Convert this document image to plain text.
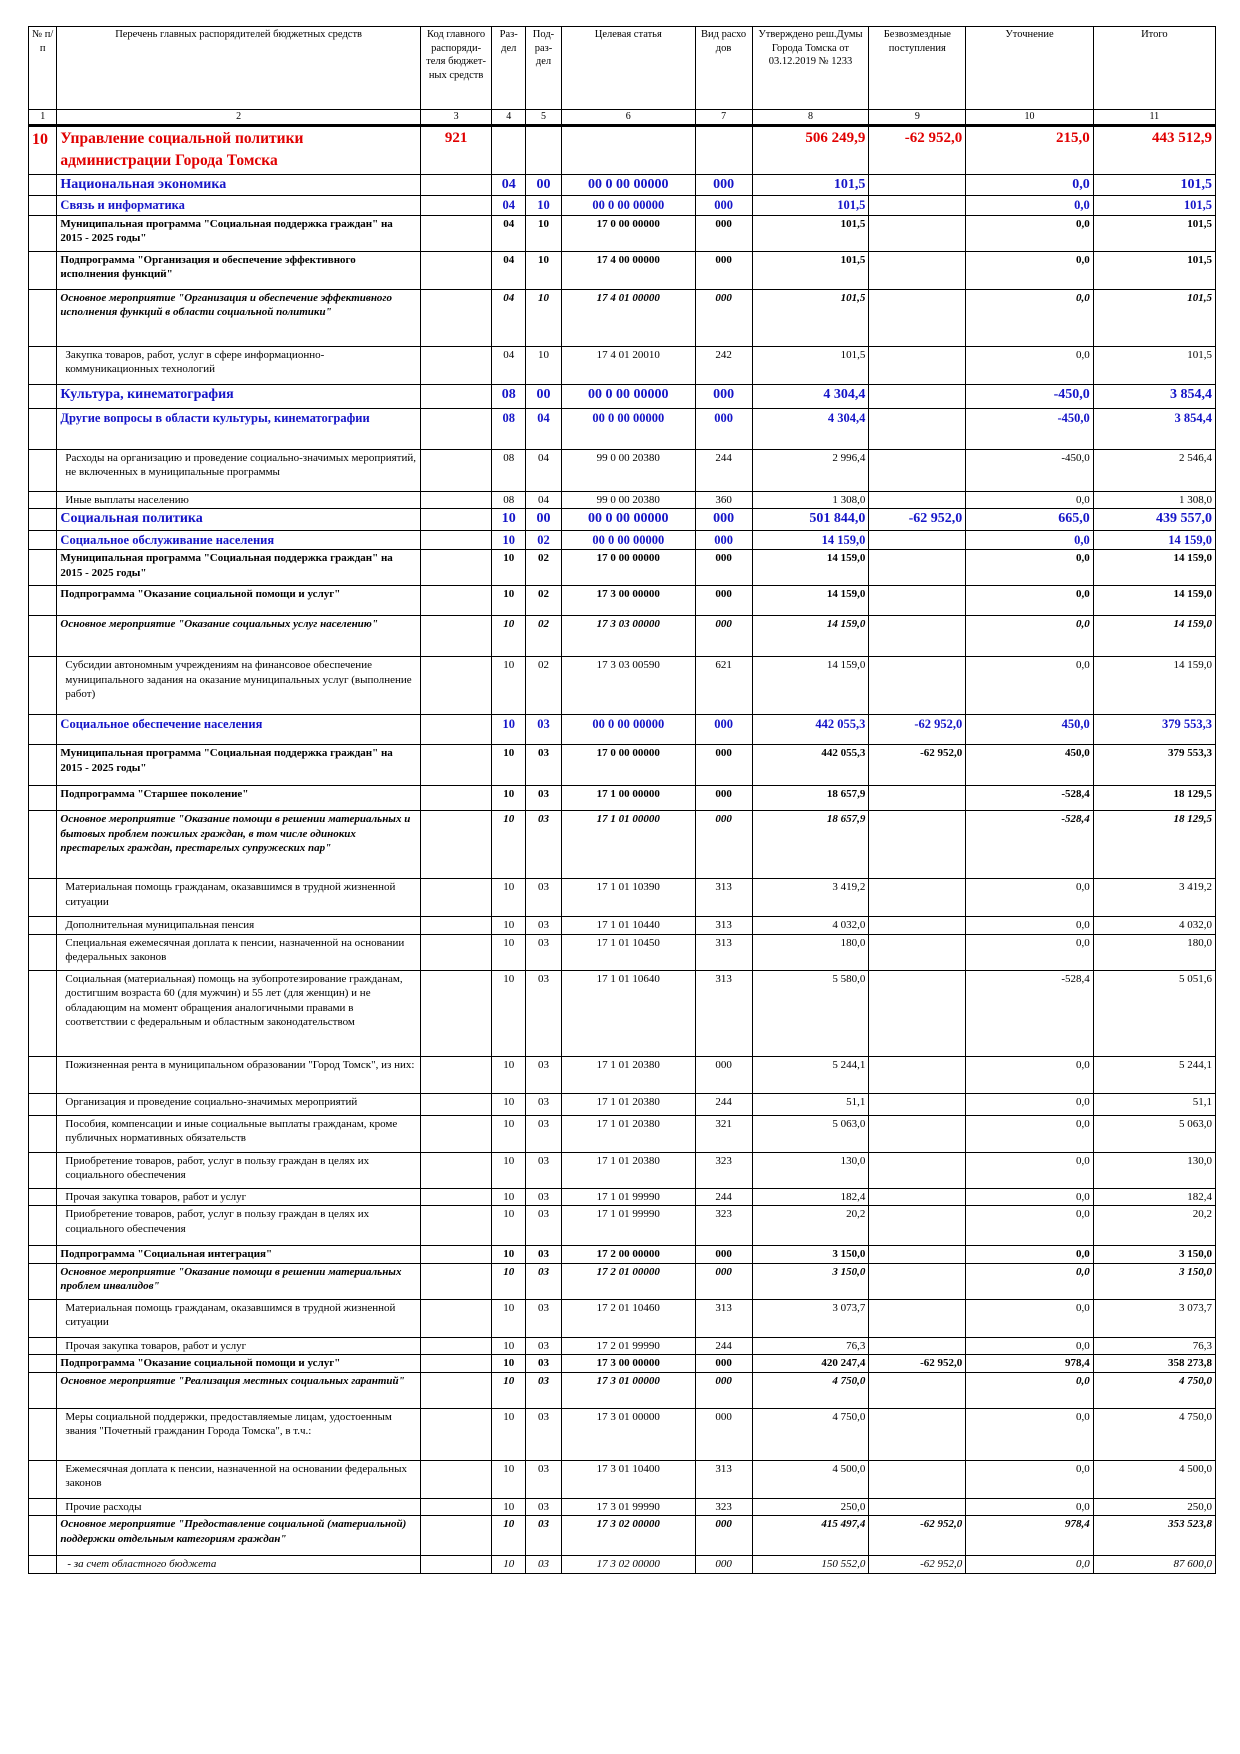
№ п/п	Перечень главных распорядителей бюджетных средств	Код главного распоряди-теля бюджет-ных средств	Раз-дел	Под-раз-дел	Целевая статья	Вид расхо дов	Утверждено реш.Думы Города Томска от 03.12.2019 № 1233	Безвозмездные поступления	Уточнение	Итого
1	2	3	4	5	6	7	8	9	10	11
10	Управление социальной политики администрации Города Томска	921					506 249,9	-62 952,0	215,0	443 512,9
	Национальная экономика		04	00	00 0 00 00000	000	101,5		0,0	101,5
	Связь и информатика		04	10	00 0 00 00000	000	101,5		0,0	101,5
	Муниципальная программа "Социальная поддержка граждан" на 2015 - 2025 годы"		04	10	17 0 00 00000	000	101,5		0,0	101,5
	Подпрограмма "Организация и обеспечение эффективного исполнения функций"		04	10	17 4 00 00000	000	101,5		0,0	101,5
	Основное мероприятие "Организация и обеспечение эффективного исполнения функций в области социальной политики"		04	10	17 4 01 00000	000	101,5		0,0	101,5
	Закупка товаров, работ, услуг в сфере информационно-коммуникационных технологий		04	10	17 4 01 20010	242	101,5		0,0	101,5
	Культура, кинематография		08	00	00 0 00 00000	000	4 304,4		-450,0	3 854,4
	Другие вопросы в области культуры, кинематографии		08	04	00 0 00 00000	000	4 304,4		-450,0	3 854,4
	Расходы на организацию и проведение социально-значимых мероприятий, не включенных в муниципальные программы		08	04	99 0 00 20380	244	2 996,4		-450,0	2 546,4
	Иные выплаты населению		08	04	99 0 00 20380	360	1 308,0		0,0	1 308,0
	Социальная политика		10	00	00 0 00 00000	000	501 844,0	-62 952,0	665,0	439 557,0
	Социальное обслуживание населения		10	02	00 0 00 00000	000	14 159,0		0,0	14 159,0
	Муниципальная программа "Социальная поддержка граждан" на 2015 - 2025 годы"		10	02	17 0 00 00000	000	14 159,0		0,0	14 159,0
	Подпрограмма "Оказание социальной помощи и услуг"		10	02	17 3 00 00000	000	14 159,0		0,0	14 159,0
	Основное мероприятие "Оказание социальных услуг населению"		10	02	17 3 03 00000	000	14 159,0		0,0	14 159,0
	Субсидии автономным учреждениям на финансовое обеспечение муниципального задания на оказание муниципальных услуг (выполнение работ)		10	02	17 3 03 00590	621	14 159,0		0,0	14 159,0
	Социальное обеспечение населения		10	03	00 0 00 00000	000	442 055,3	-62 952,0	450,0	379 553,3
	Муниципальная программа "Социальная поддержка граждан" на 2015 - 2025 годы"		10	03	17 0 00 00000	000	442 055,3	-62 952,0	450,0	379 553,3
	Подпрограмма "Старшее поколение"		10	03	17 1 00 00000	000	18 657,9		-528,4	18 129,5
	Основное мероприятие "Оказание помощи в решении материальных и бытовых проблем пожилых граждан, в том числе одиноких престарелых граждан, престарелых супружеских пар"		10	03	17 1 01 00000	000	18 657,9		-528,4	18 129,5
	Материальная помощь гражданам, оказавшимся в трудной жизненной ситуации		10	03	17 1 01 10390	313	3 419,2		0,0	3 419,2
	Дополнительная муниципальная пенсия		10	03	17 1 01 10440	313	4 032,0		0,0	4 032,0
	Специальная ежемесячная доплата к пенсии, назначенной на основании федеральных законов		10	03	17 1 01 10450	313	180,0		0,0	180,0
	Социальная (материальная) помощь на зубопротезирование гражданам, достигшим возраста 60 (для мужчин) и 55 лет (для женщин) и не обладающим на момент обращения аналогичными правами в соответствии с федеральным и областным законодательством		10	03	17 1 01 10640	313	5 580,0		-528,4	5 051,6
	Пожизненная рента в муниципальном образовании "Город Томск", из них:		10	03	17 1 01 20380	000	5 244,1		0,0	5 244,1
	Организация и проведение социально-значимых мероприятий		10	03	17 1 01 20380	244	51,1		0,0	51,1
	Пособия, компенсации и иные социальные выплаты гражданам, кроме публичных нормативных обязательств		10	03	17 1 01 20380	321	5 063,0		0,0	5 063,0
	Приобретение товаров, работ, услуг в пользу граждан в целях их социального обеспечения		10	03	17 1 01 20380	323	130,0		0,0	130,0
	Прочая закупка товаров, работ и услуг		10	03	17 1 01 99990	244	182,4		0,0	182,4
	Приобретение товаров, работ, услуг в пользу граждан в целях их социального обеспечения		10	03	17 1 01 99990	323	20,2		0,0	20,2
	Подпрограмма "Социальная интеграция"		10	03	17 2 00 00000	000	3 150,0		0,0	3 150,0
	Основное мероприятие "Оказание помощи в решении материальных проблем инвалидов"		10	03	17 2 01 00000	000	3 150,0		0,0	3 150,0
	Материальная помощь гражданам, оказавшимся в трудной жизненной ситуации		10	03	17 2 01 10460	313	3 073,7		0,0	3 073,7
	Прочая закупка товаров, работ и услуг		10	03	17 2 01 99990	244	76,3		0,0	76,3
	Подпрограмма "Оказание социальной помощи и услуг"		10	03	17 3 00 00000	000	420 247,4	-62 952,0	978,4	358 273,8
	Основное мероприятие "Реализация местных социальных гарантий"		10	03	17 3 01 00000	000	4 750,0		0,0	4 750,0
	Меры социальной поддержки, предоставляемые лицам, удостоенным звания "Почетный гражданин Города Томска", в т.ч.:		10	03	17 3 01 00000	000	4 750,0		0,0	4 750,0
	Ежемесячная доплата к пенсии, назначенной на основании федеральных законов		10	03	17 3 01 10400	313	4 500,0		0,0	4 500,0
	Прочие расходы		10	03	17 3 01 99990	323	250,0		0,0	250,0
	Основное мероприятие "Предоставление социальной (материальной) поддержки отдельным категориям граждан"		10	03	17 3 02 00000	000	415 497,4	-62 952,0	978,4	353 523,8
	- за счет областного бюджета		10	03	17 3 02 00000	000	150 552,0	-62 952,0	0,0	87 600,0
